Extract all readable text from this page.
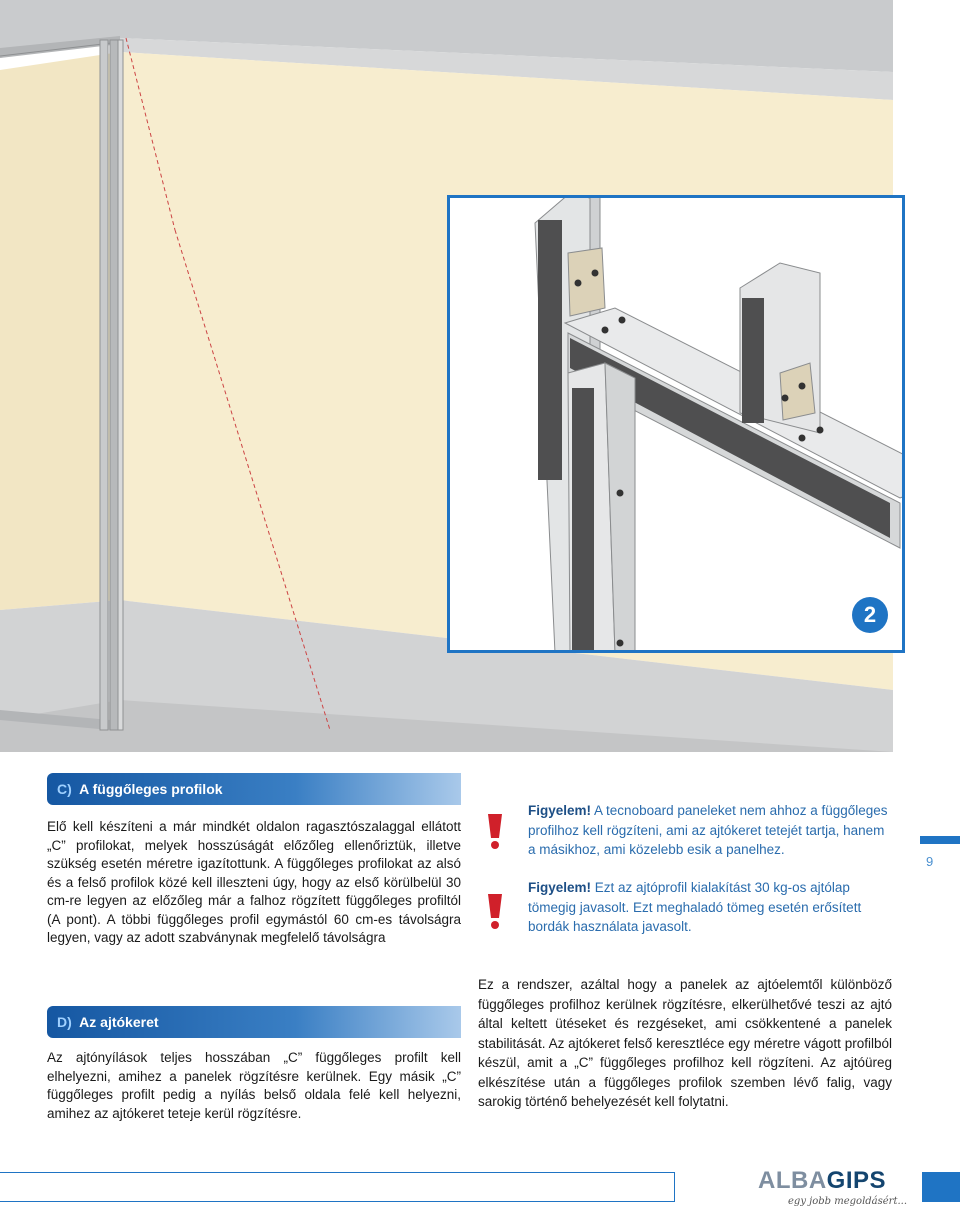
2
C) A függőleges profilok
Elő kell készíteni a már mindkét oldalon ragasztószalaggal ellátott „C” profilokat, melyek hosszúságát előzőleg ellenőriztük, illetve szükség esetén méretre igazítottunk. A függőleges profilokat az alsó és a felső profilok közé kell illeszteni úgy, hogy az első körülbelül 30 cm-re legyen az előzőleg már a falhoz rögzített függőleges profiltól (A pont). A többi függőleges profil egymástól 60 cm-es távolságra legyen, vagy az adott szabványnak megfelelő távolságra
Figyelem! A tecnoboard paneleket nem ahhoz a függőleges profilhoz kell rögzíteni, ami az ajtókeret tetejét tartja, hanem a másikhoz, ami közelebb esik a panelhez.
Figyelem! Ezt az ajtóprofil kialakítást 30 kg-os ajtólap tömegig javasolt. Ezt meghaladó tömeg esetén erősített bordák használata javasolt.
9
D) Az ajtókeret
Az ajtónyílások teljes hosszában „C” függőleges profilt kell elhelyezni, amihez a panelek rögzítésre kerülnek. Egy másik „C” függőleges profilt pedig a nyílás belső oldala felé kell helyezni, amihez az ajtókeret teteje kerül rögzítésre.
Ez a rendszer, azáltal hogy a panelek az ajtóelemtől különböző függőleges profilhoz kerülnek rögzítésre, elkerülhetővé teszi az ajtó által keltett ütéseket és rezgéseket, ami csökkentené a panelek stabilitását. Az ajtókeret felső keresztléce egy méretre vágott profilból készül, amit a „C” függőleges profilhoz kell rögzíteni. Az ajtóüreg elkészítése után a függőleges profilok szemben lévő falig, vagy sarokig történő behelyezését kell folytatni.
ALBAGIPS
egy jobb megoldásért...
